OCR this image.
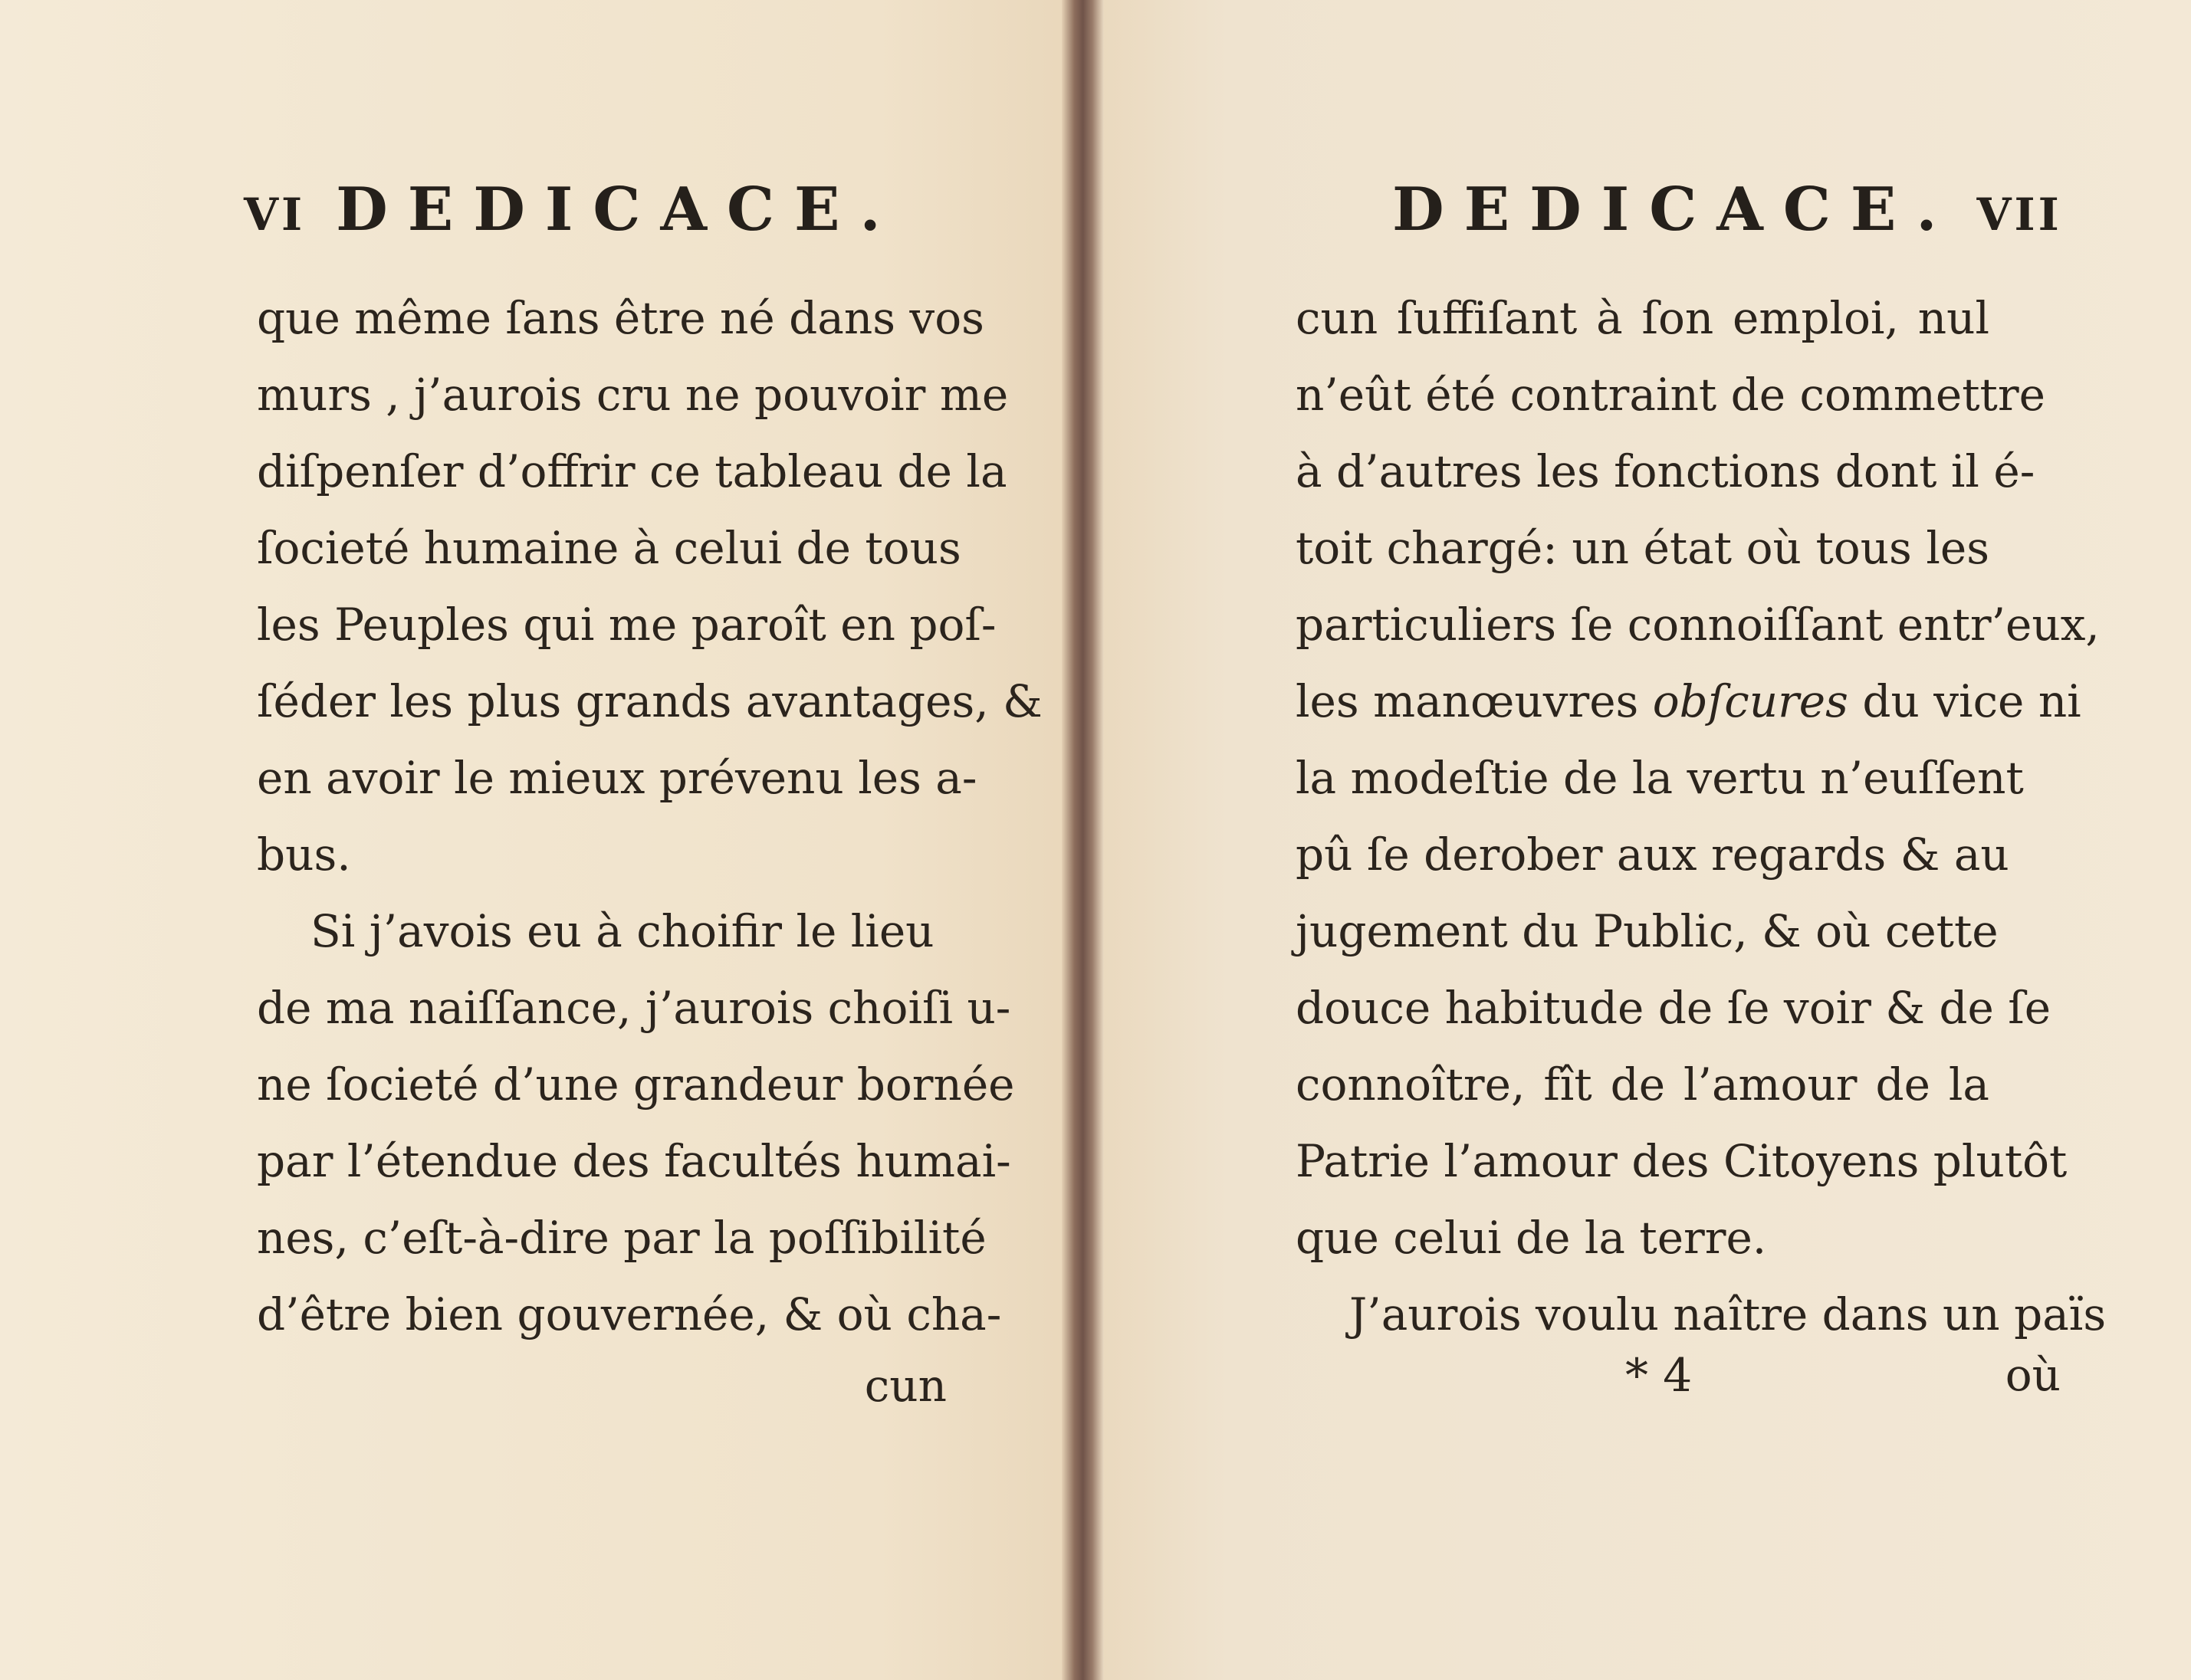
VI DEDICACE.
que même ſans être né dans vos
murs , j’aurois cru ne pouvoir me
diſpenſer d’offrir ce tableau de la
ſocieté humaine à celui de tous
les Peuples qui me paroît en poſ-
ſéder les plus grands avantages, &
en avoir le mieux prévenu les a-
bus.
Si j’avois eu à choifir le lieu
de ma naiſſance, j’aurois choiſi u-
ne ſocieté d’une grandeur bornée
par l’étendue des facultés humai-
nes, c’eſt-à-dire par la poſſibilité
d’être bien gouvernée, & où cha-
cun
DEDICACE. VII
cun ſuffiſant à ſon emploi, nul
n’eût été contraint de commettre
à d’autres les fonctions dont il é-
toit chargé: un état où tous les
particuliers ſe connoiſſant entr’eux,
les manœuvres obſcures du vice ni
la modeſtie de la vertu n’euſſent
pû ſe derober aux regards & au
jugement du Public, & où cette
douce habitude de ſe voir & de ſe
connoître, fît de l’amour de la
Patrie l’amour des Citoyens plutôt
que celui de la terre.
J’aurois voulu naître dans un païs
* 4	où
